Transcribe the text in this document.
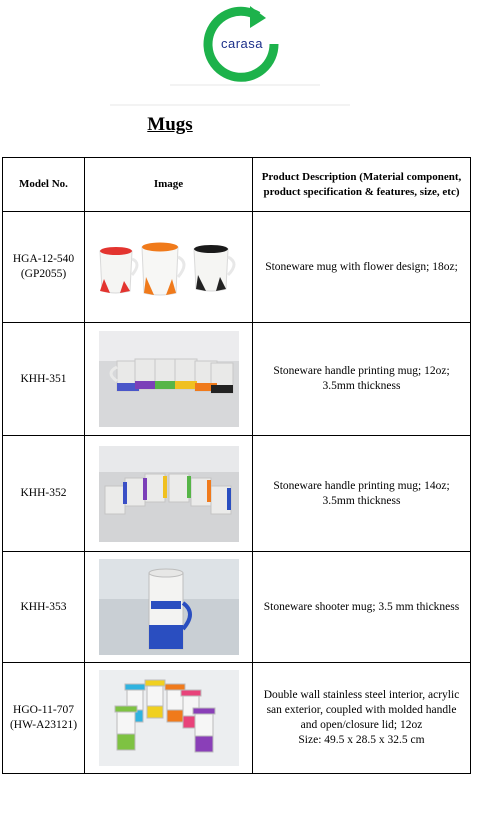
carasa
Mugs
Model No.	Image	Product Description (Material component, product specification & features, size, etc)
HGA-12-540
(GP2055)		Stoneware mug with flower design; 18oz;
KHH-351		Stoneware handle printing mug; 12oz; 3.5mm thickness
KHH-352		Stoneware handle printing mug; 14oz; 3.5mm thickness
KHH-353		Stoneware shooter mug; 3.5 mm thickness
HGO-11-707
(HW-A23121)		Double wall stainless steel interior, acrylic san exterior, coupled with molded handle and open/closure lid; 12oz
Size: 49.5 x 28.5 x 32.5 cm
